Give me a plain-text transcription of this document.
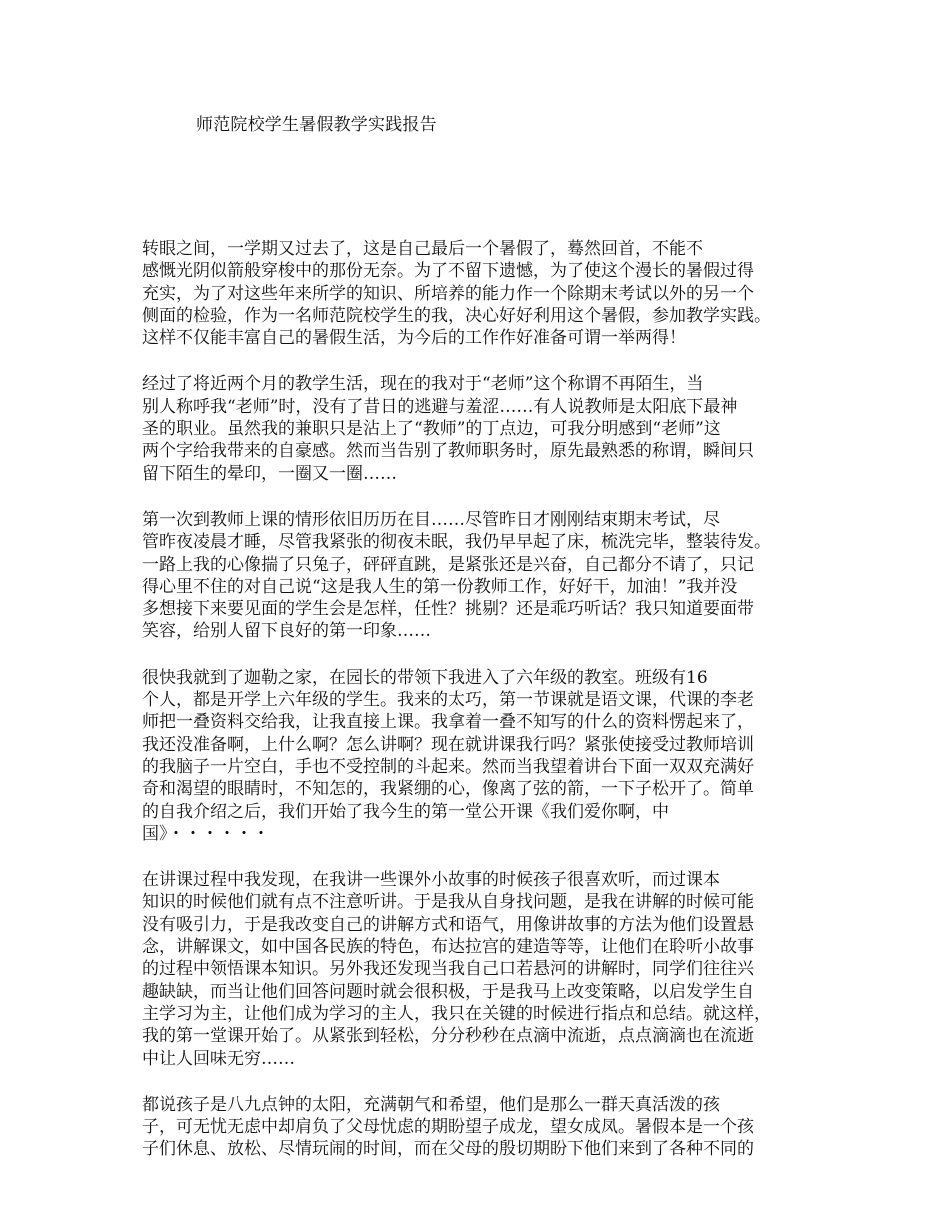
师范院校学生暑假教学实践报告
转眼之间，一学期又过去了，这是自己最后一个暑假了，蓦然回首，不能不
感慨光阴似箭般穿梭中的那份无奈。为了不留下遗憾，为了使这个漫长的暑假过得
充实，为了对这些年来所学的知识、所培养的能力作一个除期末考试以外的另一个
侧面的检验，作为一名师范院校学生的我，决心好好利用这个暑假，参加教学实践。
这样不仅能丰富自己的暑假生活，为今后的工作作好准备可谓一举两得！
经过了将近两个月的教学生活，现在的我对于“老师”这个称谓不再陌生，当
别人称呼我“老师”时，没有了昔日的逃避与羞涩……有人说教师是太阳底下最神
圣的职业。虽然我的兼职只是沾上了“教师”的丁点边，可我分明感到“老师”这
两个字给我带来的自豪感。然而当告别了教师职务时，原先最熟悉的称谓，瞬间只
留下陌生的晕印，一圈又一圈……
第一次到教师上课的情形依旧历历在目……尽管昨日才刚刚结束期末考试，尽
管昨夜凌晨才睡，尽管我紧张的彻夜未眠，我仍早早起了床，梳洗完毕，整装待发。
一路上我的心像揣了只兔子，砰砰直跳，是紧张还是兴奋，自己都分不请了，只记
得心里不住的对自己说“这是我人生的第一份教师工作，好好干，加油！”我并没
多想接下来要见面的学生会是怎样，任性？挑剔？还是乖巧听话？我只知道要面带
笑容，给别人留下良好的第一印象……
很快我就到了迦勒之家，在园长的带领下我进入了六年级的教室。班级有16
个人，都是开学上六年级的学生。我来的太巧，第一节课就是语文课，代课的李老
师把一叠资料交给我，让我直接上课。我拿着一叠不知写的什么的资料愣起来了，
我还没准备啊，上什么啊？怎么讲啊？现在就讲课我行吗？紧张使接受过教师培训
的我脑子一片空白，手也不受控制的斗起来。然而当我望着讲台下面一双双充满好
奇和渴望的眼睛时，不知怎的，我紧绷的心，像离了弦的箭，一下子松开了。简单
的自我介绍之后，我们开始了我今生的第一堂公开课《我们爱你啊，中
国》・・・・・・
在讲课过程中我发现，在我讲一些课外小故事的时候孩子很喜欢听，而过课本
知识的时候他们就有点不注意听讲。于是我从自身找问题，是我在讲解的时候可能
没有吸引力，于是我改变自己的讲解方式和语气，用像讲故事的方法为他们设置悬
念，讲解课文，如中国各民族的特色，布达拉宫的建造等等，让他们在聆听小故事
的过程中领悟课本知识。另外我还发现当我自己口若悬河的讲解时，同学们往往兴
趣缺缺，而当让他们回答问题时就会很积极，于是我马上改变策略，以启发学生自
主学习为主，让他们成为学习的主人，我只在关键的时候进行指点和总结。就这样，
我的第一堂课开始了。从紧张到轻松，分分秒秒在点滴中流逝，点点滴滴也在流逝
中让人回味无穷……
都说孩子是八九点钟的太阳，充满朝气和希望，他们是那么一群天真活泼的孩
子，可无忧无虑中却肩负了父母忧虑的期盼望子成龙，望女成凤。暑假本是一个孩
子们休息、放松、尽情玩闹的时间，而在父母的殷切期盼下他们来到了各种不同的
